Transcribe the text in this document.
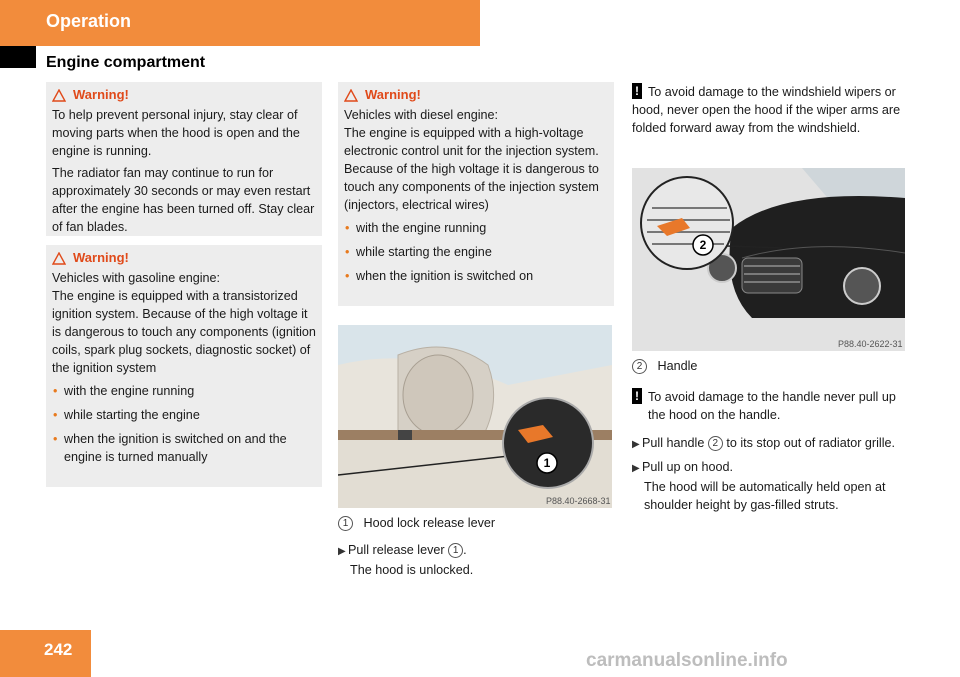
Operation
Engine compartment
Warning!

To help prevent personal injury, stay clear of moving parts when the hood is open and the engine is running.

The radiator fan may continue to run for approximately 30 seconds or may even restart after the engine has been turned off. Stay clear of fan blades.

Warning!

Vehicles with gasoline engine:

The engine is equipped with a transistorized ignition system. Because of the high voltage it is dangerous to touch any components (ignition coils, spark plug sockets, diagnostic socket) of the ignition system

• with the engine running
• while starting the engine
• when the ignition is switched on and the engine is turned manually
Warning!

Vehicles with diesel engine:

The engine is equipped with a high-voltage electronic control unit for the injection system. Because of the high voltage it is dangerous to touch any components of the injection system (injectors, electrical wires)

• with the engine running
• while starting the engine
• when the ignition is switched on
1
P88.40-2668-31

1 Hood lock release lever

▶ Pull release lever 1 .

The hood is unlocked.

! To avoid damage to the windshield wipers or hood, never open the hood if the wiper arms are folded forward away from the windshield.

2
P88.40-2622-31

2 Handle

! To avoid damage to the handle never pull up the hood on the handle.

▶ Pull handle 2 to its stop out of radiator grille.

▶ Pull up on hood.

The hood will be automatically held open at shoulder height by gas-filled struts.

242
carmanualsonline.info
